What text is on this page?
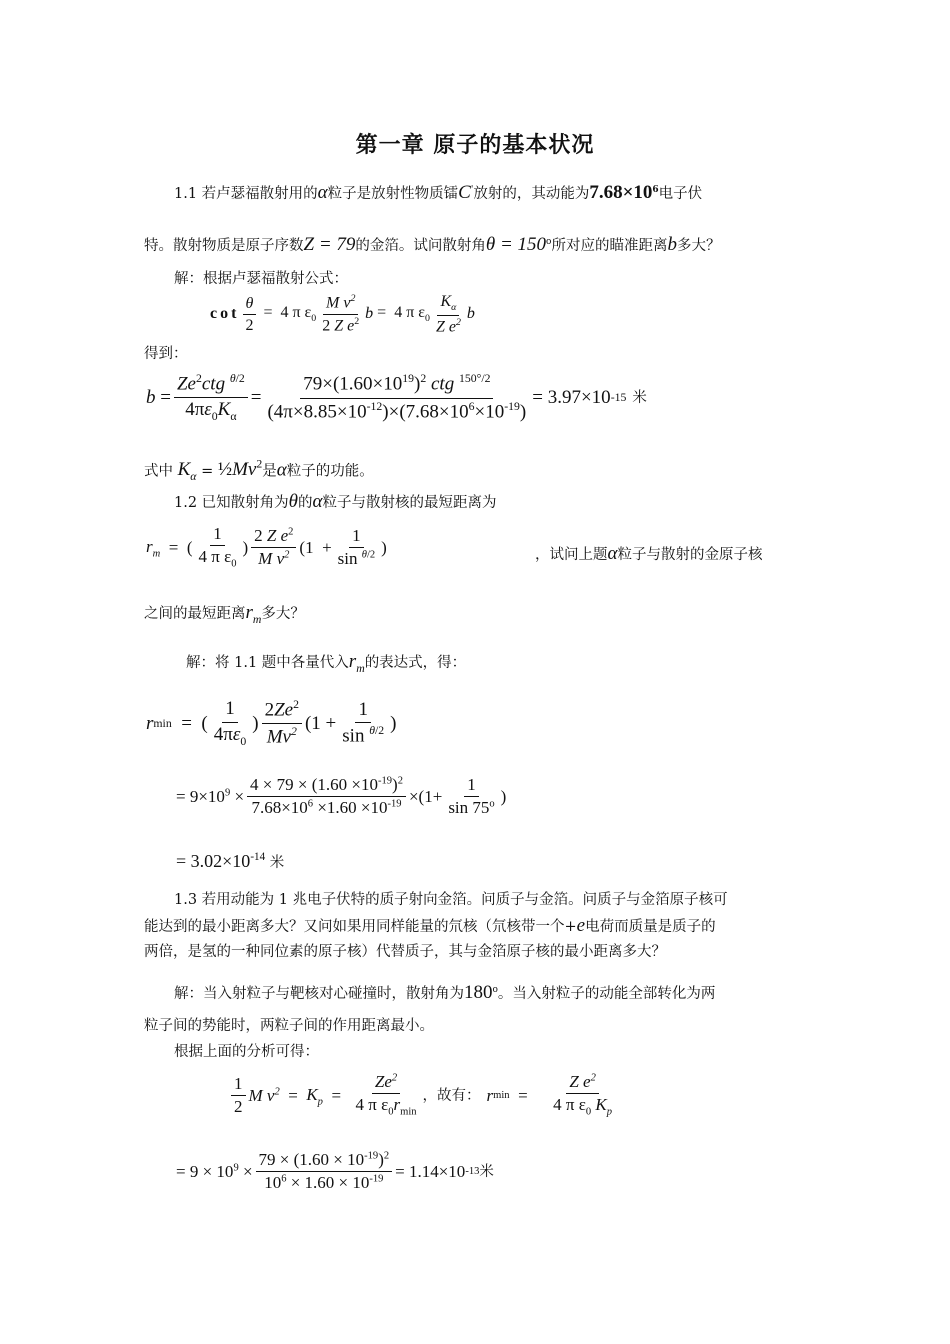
第一章 原子的基本状况
1.1 若卢瑟福散射用的α粒子是放射性物质镭C'放射的，其动能为$7.68\times 10^6$电子伏
特。散射物质是原子序数Z = 79的金箔。试问散射角$\theta = 150^o$所对应的瞄准距离b多大？
解：根据卢瑟福散射公式：
$\cot \frac{\theta}{2} = 4$ π $\varepsilon_0 \frac{M v^2}{2 Z e^2}$ b =  4 π $\varepsilon_0 \frac{K_\alpha}{Z e^2}$ b
得到：
$b = \frac{Ze^2ctg ^{\theta/2}}{4\pi\varepsilon_0K_\alpha} = \frac{79\times(1.60\times 10^{19})^2 ctg ^{150^\circ/2}}{(4\pi\times 8.85\times 10^{-12})\times(7.68\times 10^6\times 10^{-19})} = 3.97\times 10$ -15 米
式中 $K_\alpha$ = $\frac{1}{2}Mv^2$是α粒子的功能。
1.2 已知散射角为θ的α粒子与散射核的最短距离为
$r_m$ =  ( $\frac{1}{4 \pi \varepsilon_0}$ ) $\frac{2 Z e^2}{M v^2} (1 + \frac{1}{\sin ^{\theta/2}}$ )	，试问上题α粒子与散射的金原子核
之间的最短距离$r_m$多大？
解：将 1.1 题中各量代入$r_m$的表达式，得：
r min =  ( $\frac{1}{4\pi\varepsilon_0}$ ) $\frac{2Ze^2}{Mv^2} (1 + \frac{1}{\sin ^{\theta/2}}$ )
= $9\times 10^9 \times \frac{4 \times 79 \times (1.60 \times 10^{-19})^2}{7.68\times 10^6 \times 1.60 \times 10^{-19}} \times(1+ \frac{1}{\sin 75^o}$ )
= $3.02\times 10^{-14}$ 米
1.3 若用动能为 1 兆电子伏特的质子射向金箔。问质子与金箔。问质子与金箔原子核可
能达到的最小距离多大？又问如果用同样能量的氘核（氘核带一个+e电荷而质量是质子的
两倍，是氢的一种同位素的原子核）代替质子，其与金箔原子核的最小距离多大？
解：当入射粒子与靶核对心碰撞时，散射角为180$^o$。当入射粒子的动能全部转化为两
粒子间的势能时，两粒子间的作用距离最小。
根据上面的分析可得：
$\frac{1}{2}$ M $v^2 = K_p = \frac{Ze^2}{4 \pi \varepsilon_0r_{min}}$ ，故有： r $\min = \frac{Z e^2}{4 \pi \varepsilon_0 K_p}$
= $9 \times 10^9 \times \frac{79 \times (1.60 \times 10^{-19})^2}{10^6 \times 1.60 \times 10^{-19}} = 1.14\times 10$ -13 米
